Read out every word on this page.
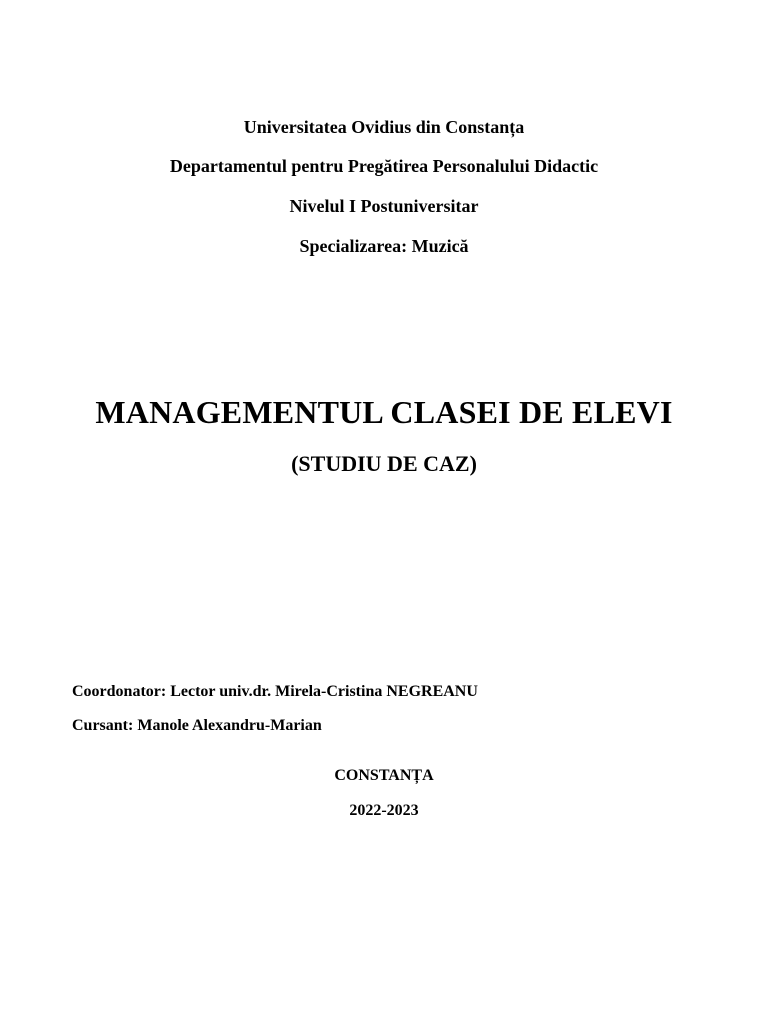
Universitatea Ovidius din Constanța
Departamentul pentru Pregătirea Personalului Didactic
Nivelul I Postuniversitar
Specializarea: Muzică
MANAGEMENTUL CLASEI DE ELEVI
(STUDIU DE CAZ)
Coordonator: Lector univ.dr. Mirela-Cristina NEGREANU
Cursant: Manole Alexandru-Marian
CONSTANȚA
2022-2023
